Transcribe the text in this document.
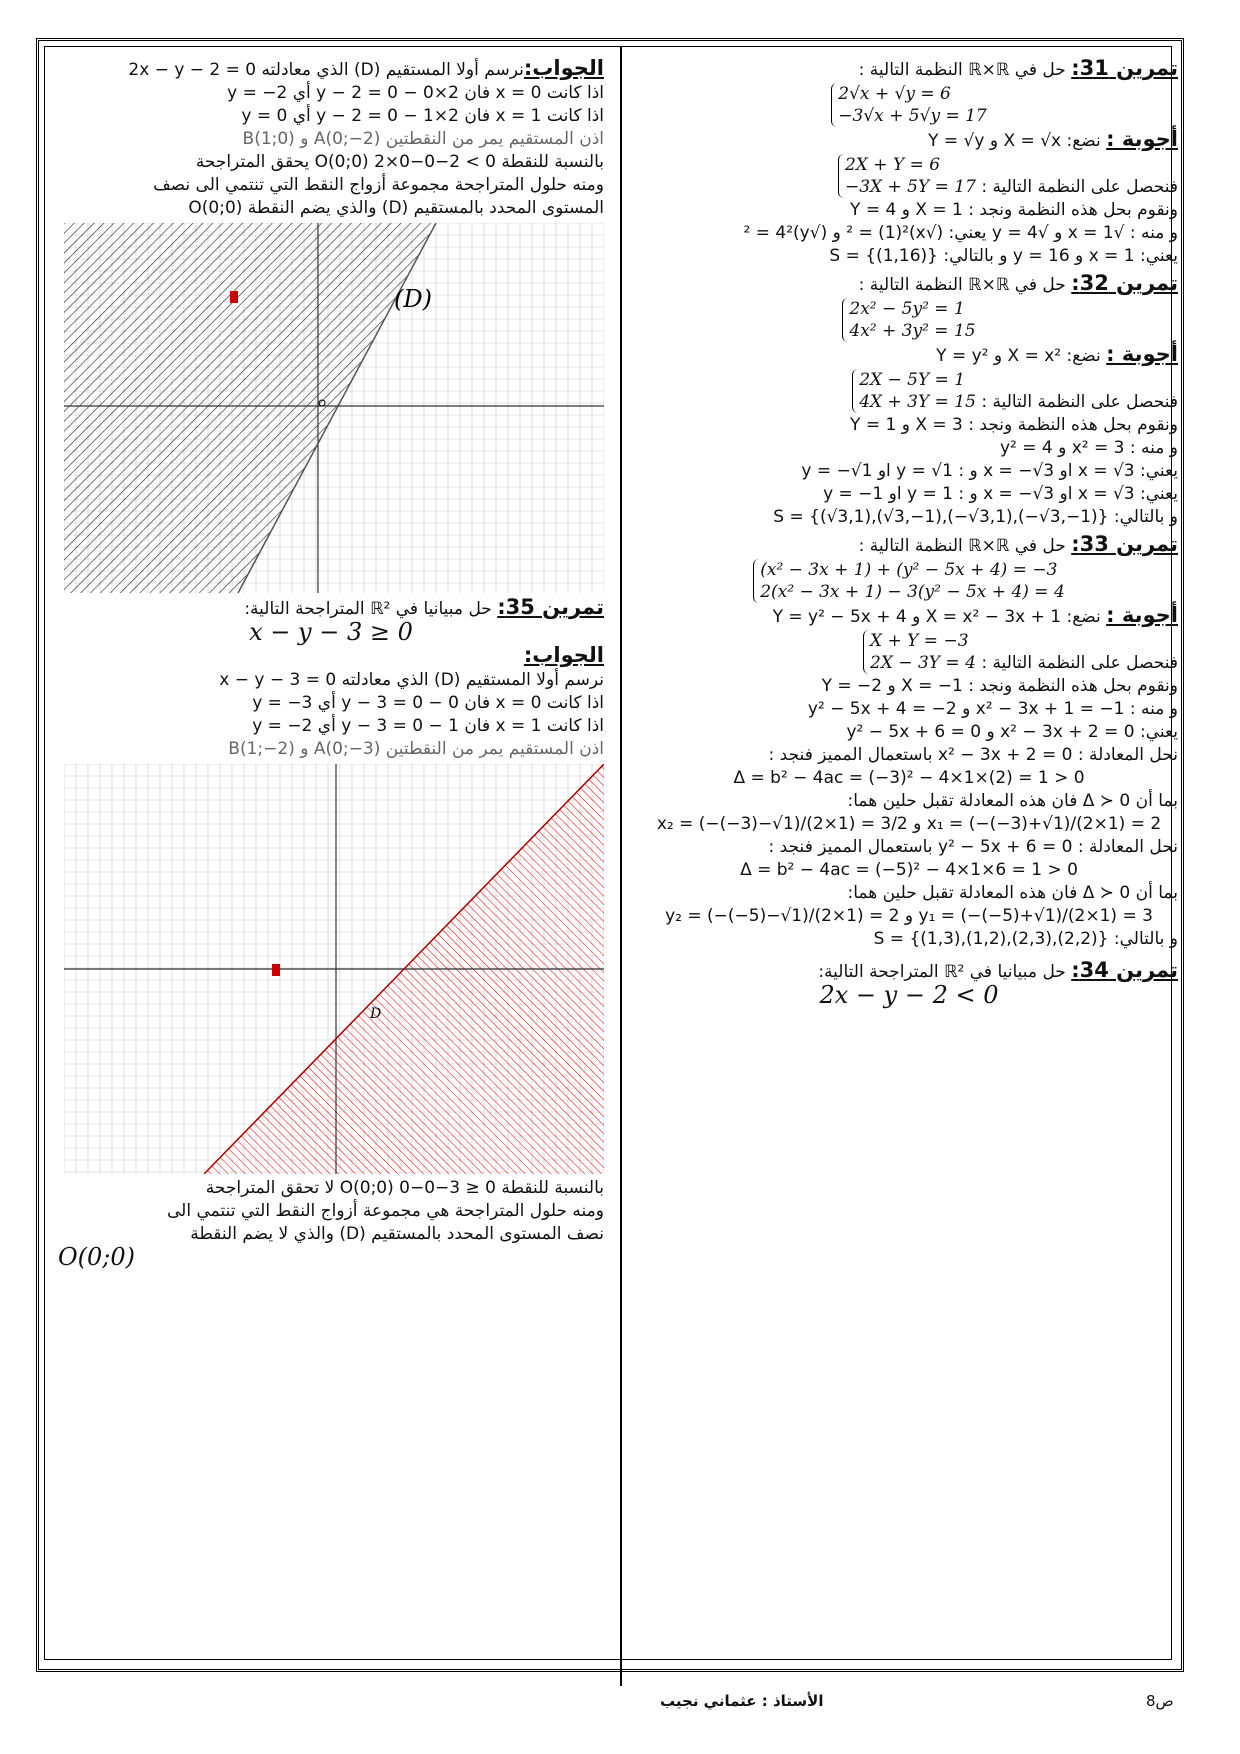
تمرين 31: حل في ℝ×ℝ النظمة التالية :

2√x + √y = 6
−3√x + 5√y = 17

أجوبة : نضع: X = √x و Y = √y

فنحصل على النظمة التالية : 2X + Y = 6
−3X + 5Y = 17

ونقوم بحل هذه النظمة ونجد : X = 1 و Y = 4

و منه : √x = 1 و √y = 4 يعني: (√x)² = (1)² و (√y)² = 4²

يعني: x = 1 و y = 16 و بالتالي: S = {(1,16)}

تمرين 32: حل في ℝ×ℝ النظمة التالية :

2x² − 5y² = 1
4x² + 3y² = 15

أجوبة : نضع: X = x² و Y = y²

فنحصل على النظمة التالية : 2X − 5Y = 1
4X + 3Y = 15

ونقوم بحل هذه النظمة ونجد : X = 3 و Y = 1

و منه : x² = 3 و y² = 4

يعني: x = √3 او x = −√3 و : y = √1 او y = −√1

يعني: x = √3 او x = −√3 و : y = 1 او y = −1

و بالتالي: S = {(√3,1),(√3,−1),(−√3,1),(−√3,−1)}

تمرين 33: حل في ℝ×ℝ النظمة التالية :

(x² − 3x + 1) + (y² − 5x + 4) = −3
2(x² − 3x + 1) − 3(y² − 5x + 4) = 4

أجوبة : نضع: X = x² − 3x + 1 و Y = y² − 5x + 4

فنحصل على النظمة التالية : X + Y = −3
2X − 3Y = 4

ونقوم بحل هذه النظمة ونجد : X = −1 و Y = −2

و منه : x² − 3x + 1 = −1 و y² − 5x + 4 = −2

يعني: x² − 3x + 2 = 0 و y² − 5x + 6 = 0

نحل المعادلة : x² − 3x + 2 = 0 باستعمال المميز فنجد :

Δ = b² − 4ac = (−3)² − 4×1×(2) = 1 > 0

بما أن Δ ≻ 0 فان هذه المعادلة تقبل حلين هما:

x₁ = (−(−3)+√1)/(2×1) = 2 و x₂ = (−(−3)−√1)/(2×1) = 3/2

نحل المعادلة : y² − 5x + 6 = 0 باستعمال المميز فنجد :

Δ = b² − 4ac = (−5)² − 4×1×6 = 1 > 0

بما أن Δ ≻ 0 فان هذه المعادلة تقبل حلين هما:

y₁ = (−(−5)+√1)/(2×1) = 3 و y₂ = (−(−5)−√1)/(2×1) = 2

و بالتالي: S = {(1,3),(1,2),(2,3),(2,2)}

تمرين 34: حل مبيانيا في ℝ² المتراجحة التالية:

2x − y − 2 < 0

الجواب:نرسم أولا المستقيم (D) الذي معادلته 2x − y − 2 = 0

اذا كانت x = 0 فان 2×0 − y − 2 = 0 أي y = −2

اذا كانت x = 1 فان 2×1 − y − 2 = 0 أي y = 0

اذن المستقيم يمر من النقطتين A(0;−2) و B(1;0)

بالنسبة للنقطة O(0;0) 2×0−0−2 < 0 يحقق المتراجحة

ومنه حلول المتراجحة مجموعة أزواج النقط التي تنتمي الى نصف

المستوى المحدد بالمستقيم (D) والذي يضم النقطة O(0;0)

(D)

تمرين 35: حل مبيانيا في ℝ² المتراجحة التالية:

x − y − 3 ≥ 0

الجواب:

نرسم أولا المستقيم (D) الذي معادلته x − y − 3 = 0

اذا كانت x = 0 فان 0 − y − 3 = 0 أي y = −3

اذا كانت x = 1 فان 1 − y − 3 = 0 أي y = −2

اذن المستقيم يمر من النقطتين A(0;−3) و B(1;−2)

D

بالنسبة للنقطة O(0;0) 0−0−3 ≥ 0 لا تحقق المتراجحة

ومنه حلول المتراجحة هي مجموعة أزواج النقط التي تنتمي الى

نصف المستوى المحدد بالمستقيم (D) والذي لا يضم النقطة

O(0;0)

الأستاذ : عثماني نجيب	ص8
